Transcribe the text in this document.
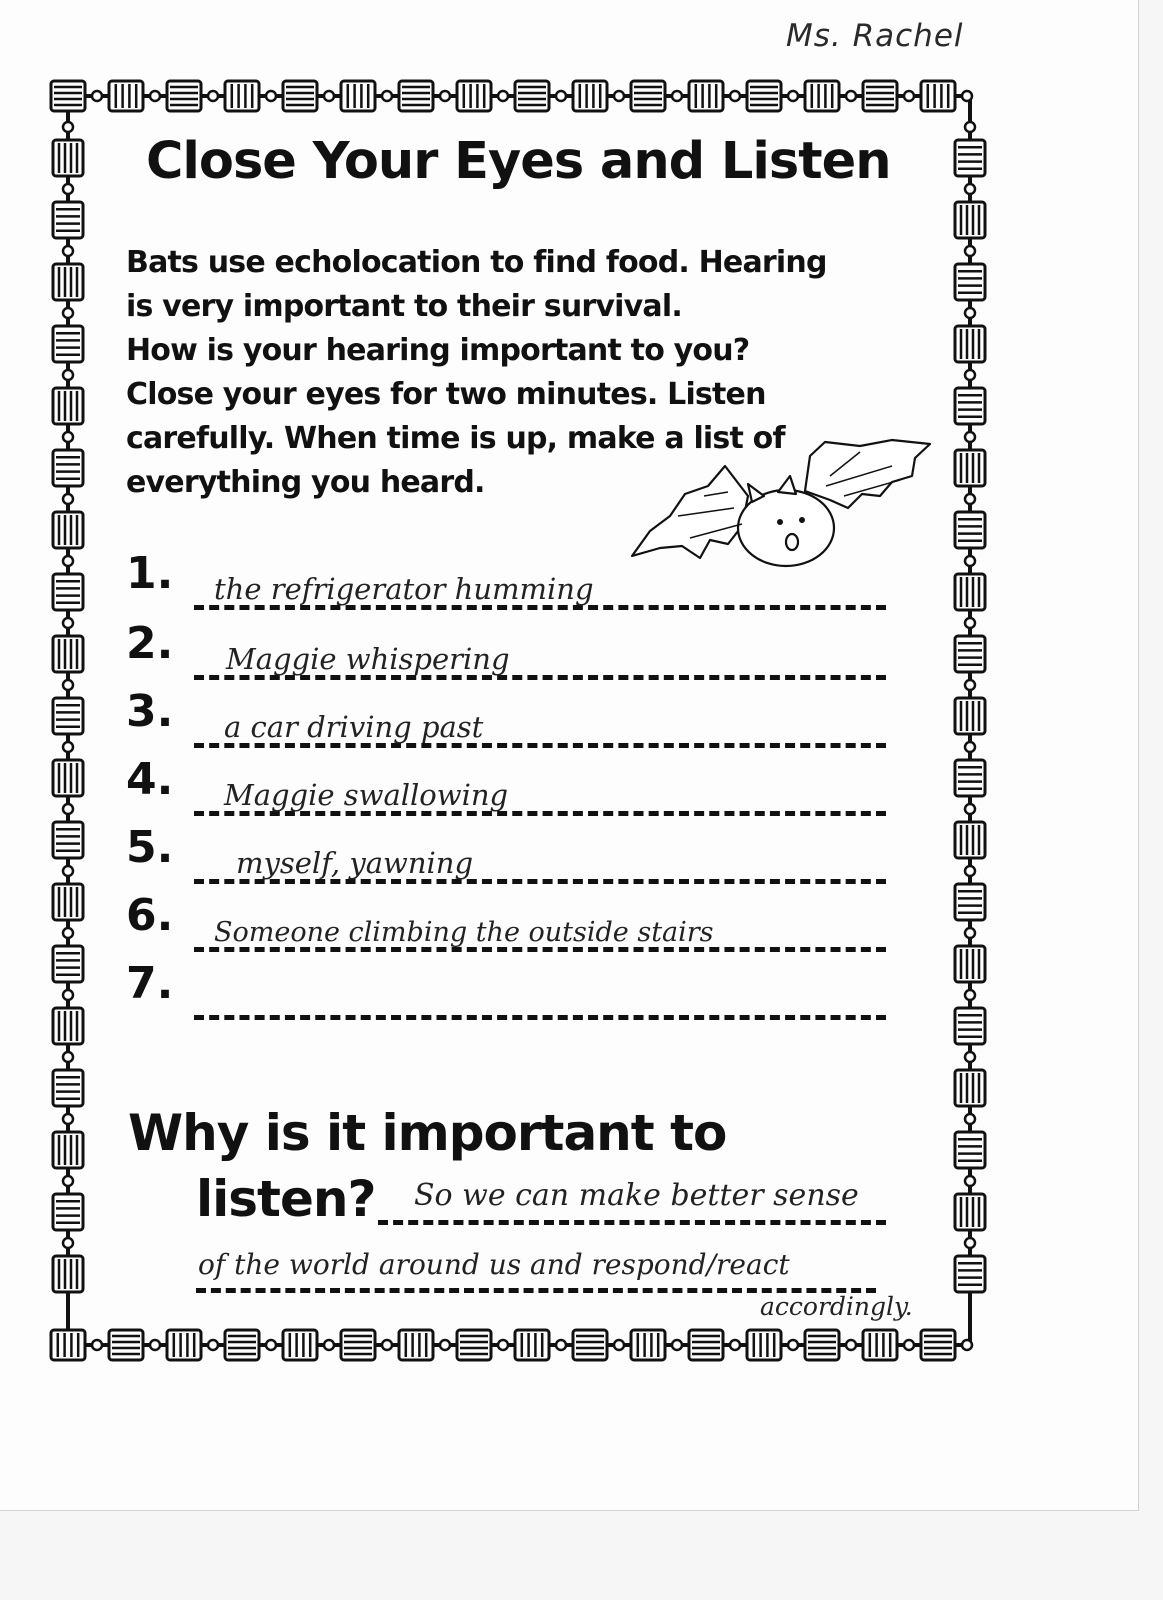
Ms. Rachel
Close Your Eyes and Listen
Bats use echolocation to find food. Hearing
is very important to their survival.
How is your hearing important to you?
Close your eyes for two minutes. Listen
carefully. When time is up, make a list of
everything you heard.
1. the refrigerator humming
2. Maggie whispering
3. a car driving past
4. Maggie swallowing
5. myself, yawning
6. Someone climbing the outside stairs
7.
Why is it important to
listen? So we can make better sense
of the world around us and respond/react
accordingly.
